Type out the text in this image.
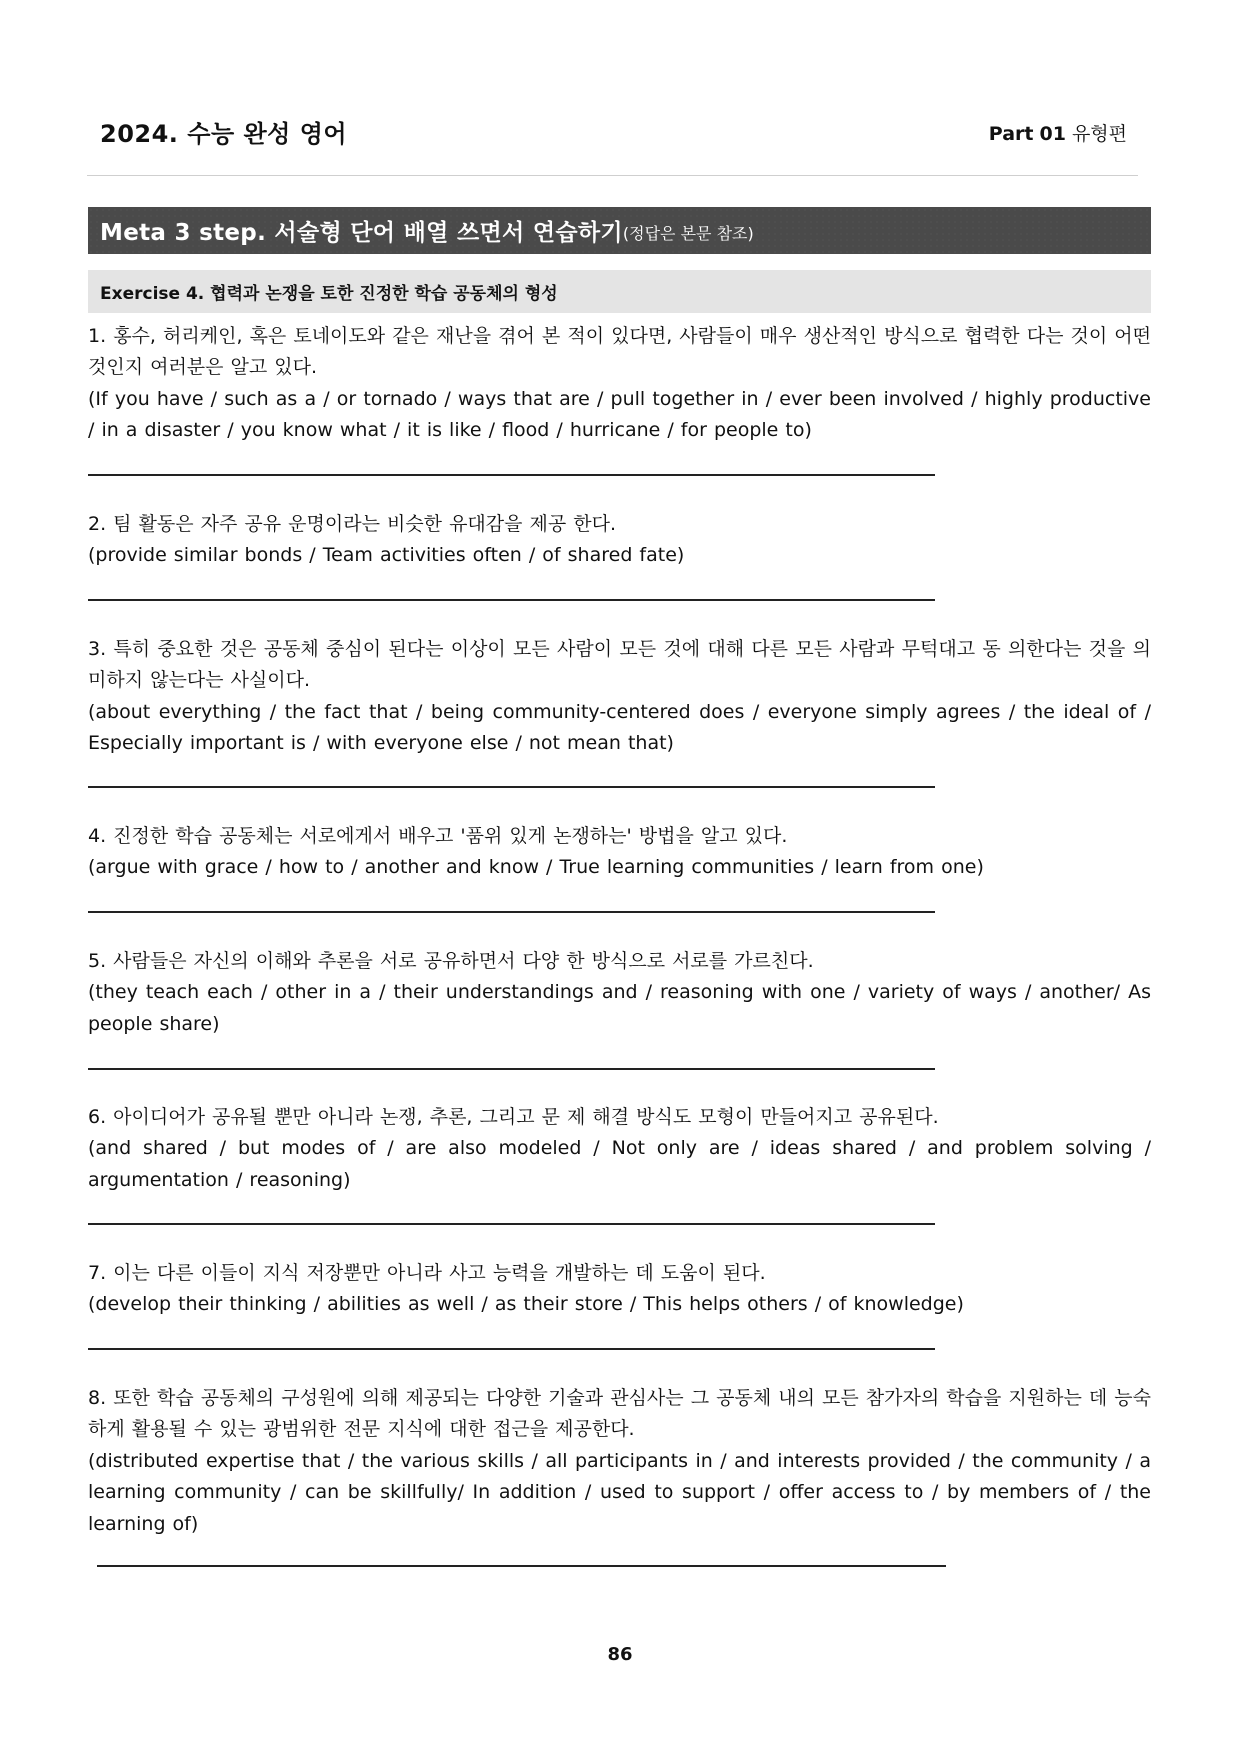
2024. 수능 완성 영어	Part 01 유형편
Meta 3 step. 서술형 단어 배열 쓰면서 연습하기 (정답은 본문 참조)
Exercise 4. 협력과 논쟁을 토한 진정한 학습 공동체의 형성

1. 홍수, 허리케인, 혹은 토네이도와 같은 재난을 겪어 본 적이 있다면, 사람들이 매우 생산적인 방식으로 협력한 다는 것이 어떤 것인지 여러분은 알고 있다.

(If you have / such as a / or tornado / ways that are / pull together in / ever been involved / highly productive / in a disaster / you know what / it is like / flood / hurricane / for people to)

2. 팀 활동은 자주 공유 운명이라는 비슷한 유대감을 제공 한다.

(provide similar bonds / Team activities often / of shared fate)

3. 특히 중요한 것은 공동체 중심이 된다는 이상이 모든 사람이 모든 것에 대해 다른 모든 사람과 무턱대고 동 의한다는 것을 의미하지 않는다는 사실이다.

(about everything / the fact that / being community-centered does / everyone simply agrees / the ideal of / Especially important is / with everyone else / not mean that)

4. 진정한 학습 공동체는 서로에게서 배우고 '품위 있게 논쟁하는' 방법을 알고 있다.

(argue with grace / how to / another and know / True learning communities / learn from one)

5. 사람들은 자신의 이해와 추론을 서로 공유하면서 다양 한 방식으로 서로를 가르친다.

(they teach each / other in a / their understandings and / reasoning with one / variety of ways / another/ As people share)

6. 아이디어가 공유될 뿐만 아니라 논쟁, 추론, 그리고 문 제 해결 방식도 모형이 만들어지고 공유된다.

(and shared / but modes of / are also modeled / Not only are / ideas shared / and problem solving / argumentation / reasoning)

7. 이는 다른 이들이 지식 저장뿐만 아니라 사고 능력을 개발하는 데 도움이 된다.

(develop their thinking / abilities as well / as their store / This helps others / of knowledge)

8. 또한 학습 공동체의 구성원에 의해 제공되는 다양한 기술과 관심사는 그 공동체 내의 모든 참가자의 학습을 지원하는 데 능숙하게 활용될 수 있는 광범위한 전문 지식에 대한 접근을 제공한다.

(distributed expertise that / the various skills / all participants in / and interests provided / the community / a learning community / can be skillfully/ In addition / used to support / offer access to / by members of / the learning of)

86
